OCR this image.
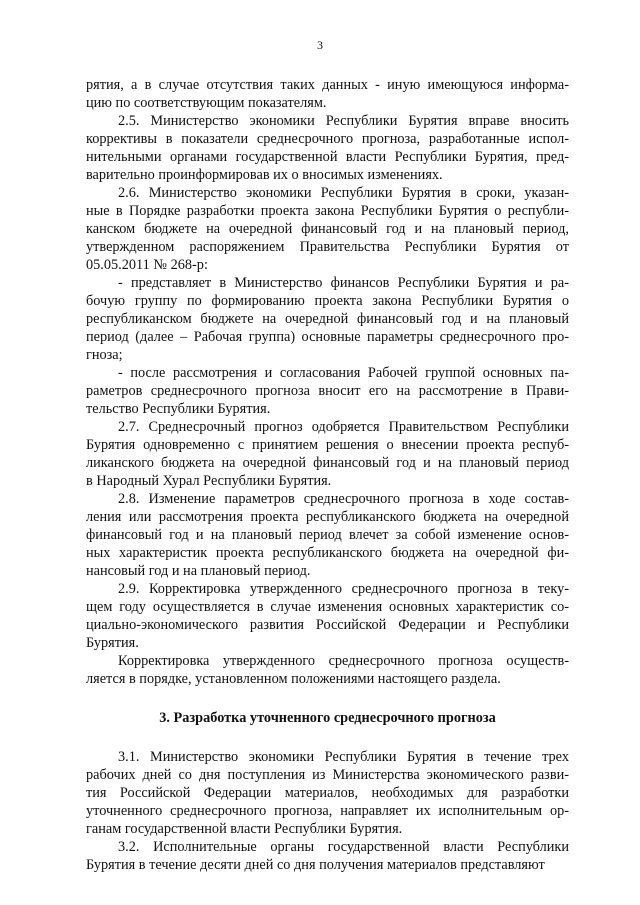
3

рятия, а в случае отсутствия таких данных - иную имеющуюся информа-
цию по соответствующим показателям.

2.5. Министерство экономики Республики Бурятия вправе вносить
коррективы в показатели среднесрочного прогноза, разработанные испол-
нительными органами государственной власти Республики Бурятия, пред-
варительно проинформировав их о вносимых изменениях.

2.6. Министерство экономики Республики Бурятия в сроки, указан-
ные в Порядке разработки проекта закона Республики Бурятия о республи-
канском бюджете на очередной финансовый год и на плановый период,
утвержденном распоряжением Правительства Республики Бурятия от
05.05.2011 № 268-р:

- представляет в Министерство финансов Республики Бурятия и ра-
бочую группу по формированию проекта закона Республики Бурятия о
республиканском бюджете на очередной финансовый год и на плановый
период (далее – Рабочая группа) основные параметры среднесрочного про-
гноза;

- после рассмотрения и согласования Рабочей группой основных па-
раметров среднесрочного прогноза вносит его на рассмотрение в Прави-
тельство Республики Бурятия.

2.7. Среднесрочный прогноз одобряется Правительством Республики
Бурятия одновременно с принятием решения о внесении проекта респуб-
ликанского бюджета на очередной финансовый год и на плановый период
в Народный Хурал Республики Бурятия.

2.8. Изменение параметров среднесрочного прогноза в ходе состав-
ления или рассмотрения проекта республиканского бюджета на очередной
финансовый год и на плановый период влечет за собой изменение основ-
ных характеристик проекта республиканского бюджета на очередной фи-
нансовый год и на плановый период.

2.9. Корректировка утвержденного среднесрочного прогноза в теку-
щем году осуществляется в случае изменения основных характеристик со-
циально-экономического развития Российской Федерации и Республики
Бурятия.

Корректировка утвержденного среднесрочного прогноза осуществ-
ляется в порядке, установленном положениями настоящего раздела.

3. Разработка уточненного среднесрочного прогноза

3.1. Министерство экономики Республики Бурятия в течение трех
рабочих дней со дня поступления из Министерства экономического разви-
тия Российской Федерации материалов, необходимых для разработки
уточненного среднесрочного прогноза, направляет их исполнительным ор-
ганам государственной власти Республики Бурятия.

3.2. Исполнительные органы государственной власти Республики
Бурятия в течение десяти дней со дня получения материалов представляют
